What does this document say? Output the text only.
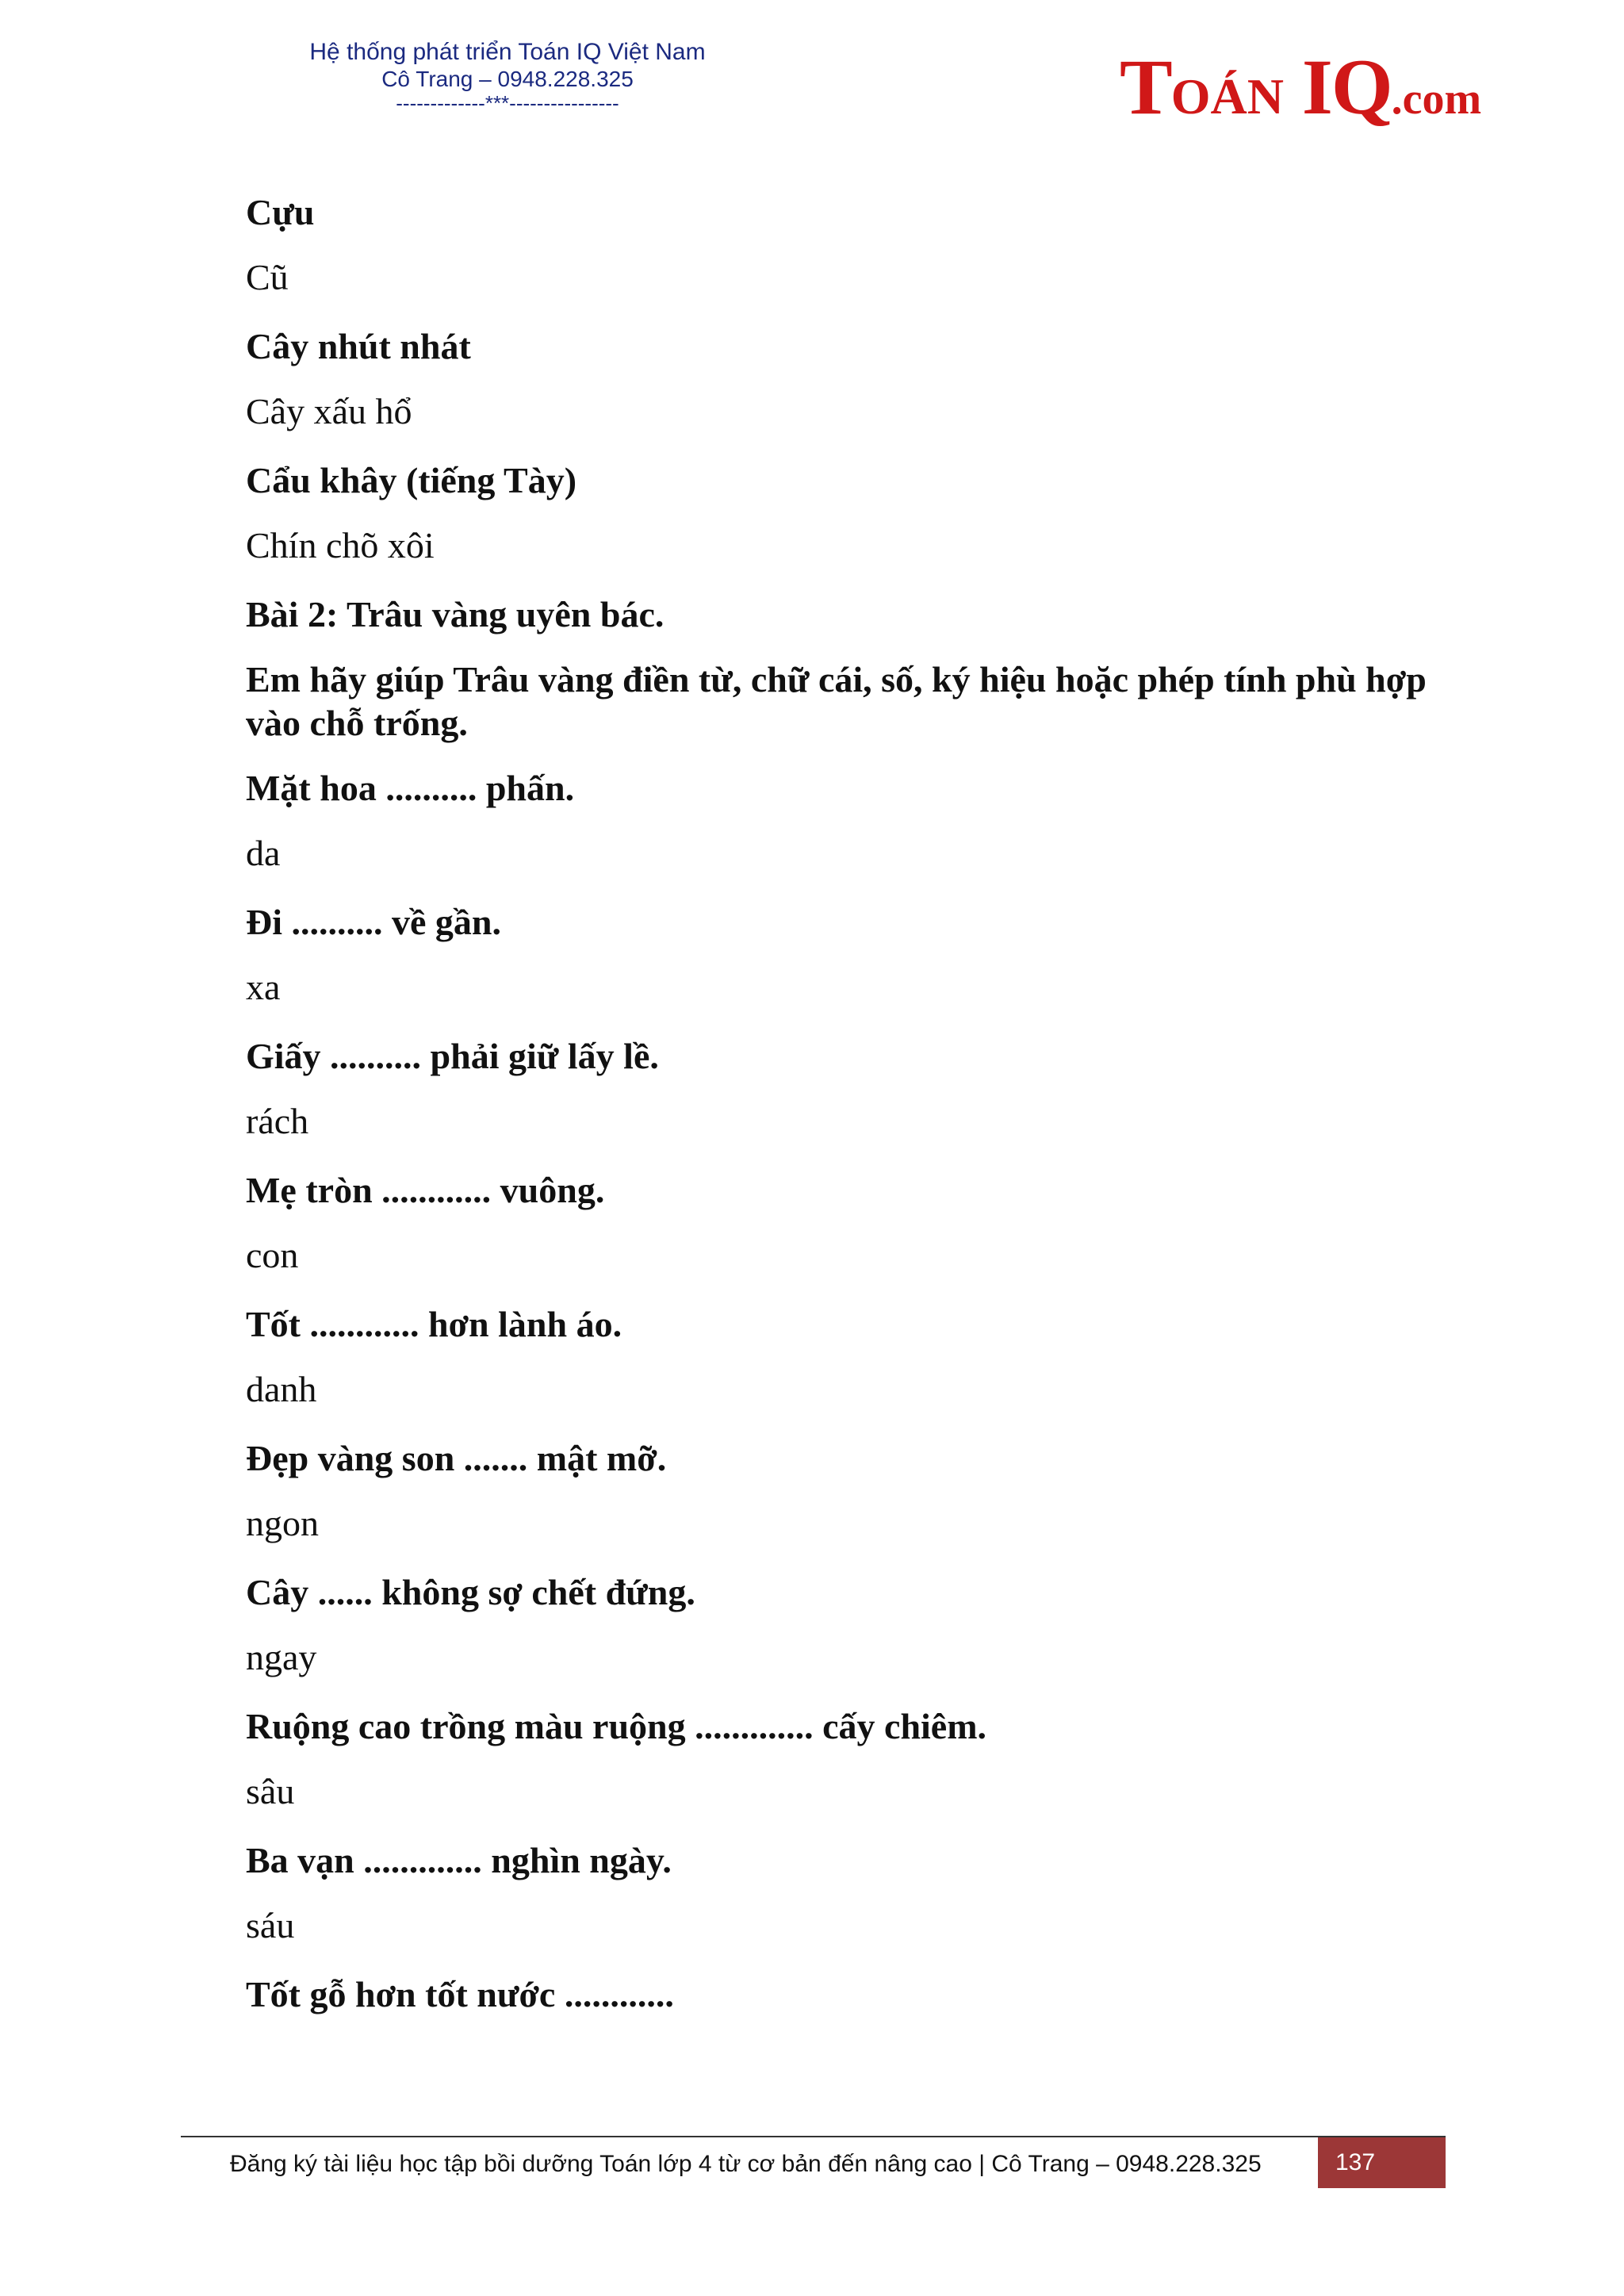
Hệ thống phát triển Toán IQ Việt Nam
Cô Trang – 0948.228.325
-------------***----------------	TOÁN IQ.com

Cựu

Cũ

Cây nhút nhát

Cây xấu hổ

Cẩu khây (tiếng Tày)

Chín chõ xôi

Bài 2: Trâu vàng uyên bác.

Em hãy giúp Trâu vàng điền từ, chữ cái, số, ký hiệu hoặc phép tính phù hợp vào chỗ trống.

Mặt hoa .......... phấn.

da

Đi .......... về gần.

xa

Giấy .......... phải giữ lấy lề.

rách

Mẹ tròn ............ vuông.

con

Tốt ............ hơn lành áo.

danh

Đẹp vàng son ....... mật mỡ.

ngon

Cây ...... không sợ chết đứng.

ngay

Ruộng cao trồng màu ruộng ............. cấy chiêm.

sâu

Ba vạn ............. nghìn ngày.

sáu

Tốt gỗ hơn tốt nước ............

Đăng ký tài liệu học tập bồi dưỡng Toán lớp 4 từ cơ bản đến nâng cao | Cô Trang – 0948.228.325	137
